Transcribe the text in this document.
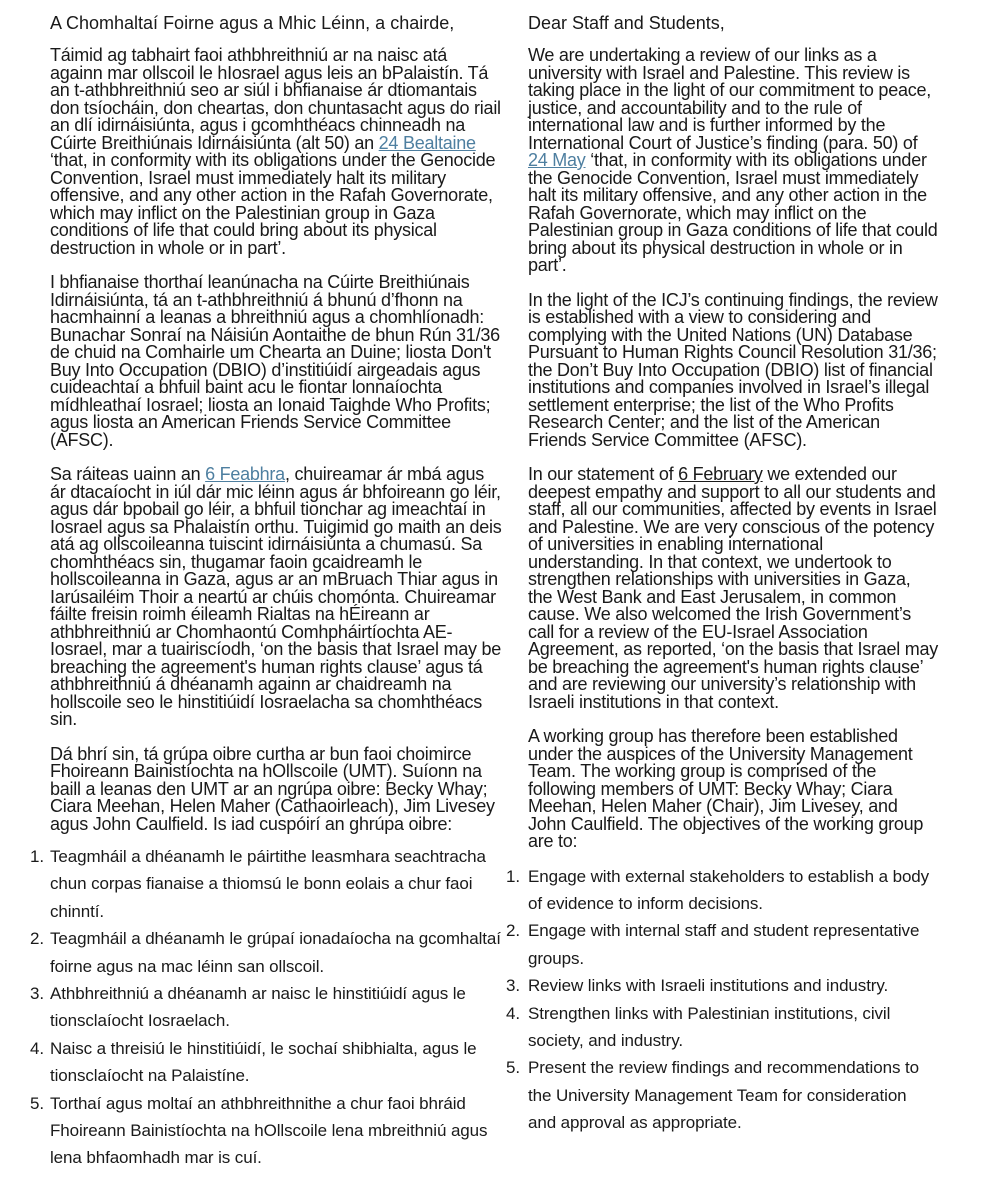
A Chomhaltaí Foirne agus a Mhic Léinn, a chairde,

Táimid ag tabhairt faoi athbhreithniú ar na naisc atá againn mar ollscoil le hIosrael agus leis an bPalaistín. Tá an t-athbhreithniú seo ar siúl i bhfianaise ár dtiomantais don tsíocháin, don cheartas, don chuntasacht agus do riail an dlí idirnáisiúnta, agus i gcomhthéacs chinneadh na Cúirte Breithiúnais Idirnáisiúnta (alt 50) an 24 Bealtaine ‘that, in conformity with its obligations under the Genocide Convention, Israel must immediately halt its military offensive, and any other action in the Rafah Governorate, which may inflict on the Palestinian group in Gaza conditions of life that could bring about its physical destruction in whole or in part’.

I bhfianaise thorthaí leanúnacha na Cúirte Breithiúnais Idirnáisiúnta, tá an t-athbhreithniú á bhunú d’fhonn na hacmhainní a leanas a bhreithniú agus a chomhlíonadh: Bunachar Sonraí na Náisiún Aontaithe de bhun Rún 31/36 de chuid na Comhairle um Chearta an Duine; liosta Don't Buy Into Occupation (DBIO) d’institiúidí airgeadais agus cuideachtaí a bhfuil baint acu le fiontar lonnaíochta mídhleathaí Iosrael; liosta an Ionaid Taighde Who Profits; agus liosta an American Friends Service Committee (AFSC).

Sa ráiteas uainn an 6 Feabhra, chuireamar ár mbá agus ár dtacaíocht in iúl dár mic léinn agus ár bhfoireann go léir, agus dár bpobail go léir, a bhfuil tionchar ag imeachtaí in Iosrael agus sa Phalaistín orthu. Tuigimid go maith an deis atá ag ollscoileanna tuiscint idirnáisiúnta a chumasú. Sa chomhthéacs sin, thugamar faoin gcaidreamh le hollscoileanna in Gaza, agus ar an mBruach Thiar agus in Iarúsailéim Thoir a neartú ar chúis chomónta. Chuireamar fáilte freisin roimh éileamh Rialtas na hÉireann ar athbhreithniú ar Chomhaontú Comhpháirtíochta AE-Iosrael, mar a tuairiscíodh, ‘on the basis that Israel may be breaching the agreement's human rights clause’ agus tá athbhreithniú á dhéanamh againn ar chaidreamh na hollscoile seo le hinstitiúidí Iosraelacha sa chomhthéacs sin.

Dá bhrí sin, tá grúpa oibre curtha ar bun faoi choimirce Fhoireann Bainistíochta na hOllscoile (UMT). Suíonn na baill a leanas den UMT ar an ngrúpa oibre: Becky Whay; Ciara Meehan, Helen Maher (Cathaoirleach), Jim Livesey agus John Caulfield. Is iad cuspóirí an ghrúpa oibre:

1. Teagmháil a dhéanamh le páirtithe leasmhara seachtracha chun corpas fianaise a thiomsú le bonn eolais a chur faoi chinntí.
2. Teagmháil a dhéanamh le grúpaí ionadaíocha na gcomhaltaí foirne agus na mac léinn san ollscoil.
3. Athbhreithniú a dhéanamh ar naisc le hinstitiúidí agus le tionsclaíocht Iosraelach.
4. Naisc a threisiú le hinstitiúidí, le sochaí shibhialta, agus le tionsclaíocht na Palaistíne.
5. Torthaí agus moltaí an athbhreithnithe a chur faoi bhráid Fhoireann Bainistíochta na hOllscoile lena mbreithniú agus lena bhfaomhadh mar is cuí.

Dear Staff and Students,

We are undertaking a review of our links as a university with Israel and Palestine. This review is taking place in the light of our commitment to peace, justice, and accountability and to the rule of international law and is further informed by the International Court of Justice’s finding (para. 50) of 24 May ‘that, in conformity with its obligations under the Genocide Convention, Israel must immediately halt its military offensive, and any other action in the Rafah Governorate, which may inflict on the Palestinian group in Gaza conditions of life that could bring about its physical destruction in whole or in part’.

In the light of the ICJ’s continuing findings, the review is established with a view to considering and complying with the United Nations (UN) Database Pursuant to Human Rights Council Resolution 31/36; the Don’t Buy Into Occupation (DBIO) list of financial institutions and companies involved in Israel’s illegal settlement enterprise; the list of the Who Profits Research Center; and the list of the American Friends Service Committee (AFSC).

In our statement of 6 February we extended our deepest empathy and support to all our students and staff, all our communities, affected by events in Israel and Palestine. We are very conscious of the potency of universities in enabling international understanding. In that context, we undertook to strengthen relationships with universities in Gaza, the West Bank and East Jerusalem, in common cause. We also welcomed the Irish Government’s call for a review of the EU-Israel Association Agreement, as reported, ‘on the basis that Israel may be breaching the agreement's human rights clause’ and are reviewing our university’s relationship with Israeli institutions in that context.

A working group has therefore been established under the auspices of the University Management Team. The working group is comprised of the following members of UMT: Becky Whay; Ciara Meehan, Helen Maher (Chair), Jim Livesey, and John Caulfield. The objectives of the working group are to:

1. Engage with external stakeholders to establish a body of evidence to inform decisions.
2. Engage with internal staff and student representative groups.
3. Review links with Israeli institutions and industry.
4. Strengthen links with Palestinian institutions, civil society, and industry.
5. Present the review findings and recommendations to the University Management Team for consideration and approval as appropriate.
